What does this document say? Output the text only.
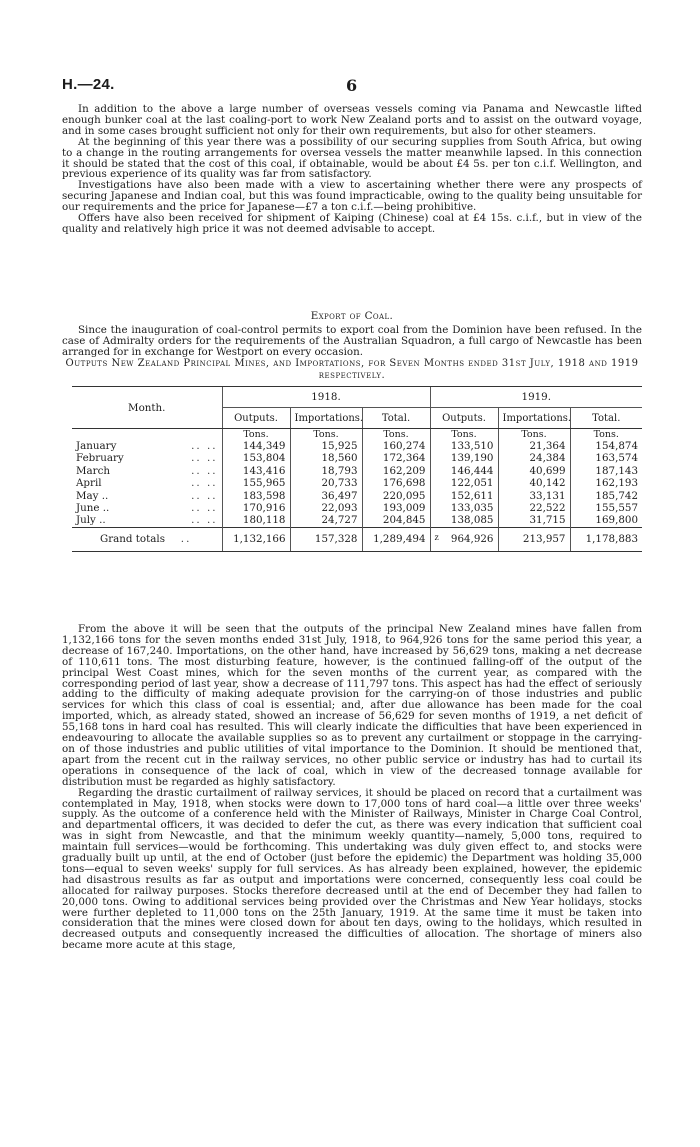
H.—24.	6

In addition to the above a large number of overseas vessels coming via Panama and Newcastle lifted enough bunker coal at the last coaling-port to work New Zealand ports and to assist on the outward voyage, and in some cases brought sufficient not only for their own requirements, but also for other steamers.

At the beginning of this year there was a possibility of our securing supplies from South Africa, but owing to a change in the routing arrangements for oversea vessels the matter meanwhile lapsed. In this connection it should be stated that the cost of this coal, if obtainable, would be about £4 5s. per ton c.i.f. Wellington, and previous experience of its quality was far from satisfactory.

Investigations have also been made with a view to ascertaining whether there were any prospects of securing Japanese and Indian coal, but this was found impracticable, owing to the quality being unsuitable for our requirements and the price for Japanese—£7 a ton c.i.f.—being prohibitive.

Offers have also been received for shipment of Kaiping (Chinese) coal at £4 15s. c.i.f., but in view of the quality and relatively high price it was not deemed advisable to accept.

Export of Coal.

Since the inauguration of coal-control permits to export coal from the Dominion have been refused. In the case of Admiralty orders for the requirements of the Australian Squadron, a full cargo of Newcastle has been arranged for in exchange for Westport on every occasion.

Outputs New Zealand Principal Mines, and Importations, for Seven Months ended 31st July, 1918 and 1919 respectively.
Month.	1918.			1919.		
	Outputs.	Importations.	Total.	Outputs.	Importations.	Total.
	Tons.	Tons.	Tons.	Tons.	Tons.	Tons.
January .. ..	144,349	15,925	160,274	133,510	21,364	154,874
February .. ..	153,804	18,560	172,364	139,190	24,384	163,574
March .. ..	143,416	18,793	162,209	146,444	40,699	187,143
April .. ..	155,965	20,733	176,698	122,051	40,142	162,193
May .. .. ..	183,598	36,497	220,095	152,611	33,131	185,742
June .. .. ..	170,916	22,093	193,009	133,035	22,522	155,557
July .. .. ..	180,118	24,727	204,845	138,085	31,715	169,800
Grand totals   ..	1,132,166	157,328	1,289,494	z 964,926	213,957	1,178,883

From the above it will be seen that the outputs of the principal New Zealand mines have fallen from 1,132,166 tons for the seven months ended 31st July, 1918, to 964,926 tons for the same period this year, a decrease of 167,240. Importations, on the other hand, have increased by 56,629 tons, making a net decrease of 110,611 tons. The most disturbing feature, however, is the continued falling-off of the output of the principal West Coast mines, which for the seven months of the current year, as compared with the corresponding period of last year, show a decrease of 111,797 tons. This aspect has had the effect of seriously adding to the difficulty of making adequate provision for the carrying-on of those industries and public services for which this class of coal is essential; and, after due allowance has been made for the coal imported, which, as already stated, showed an increase of 56,629 for seven months of 1919, a net deficit of 55,168 tons in hard coal has resulted. This will clearly indicate the difficulties that have been experienced in endeavouring to allocate the available supplies so as to prevent any curtailment or stoppage in the carrying-on of those industries and public utilities of vital importance to the Dominion. It should be mentioned that, apart from the recent cut in the railway services, no other public service or industry has had to curtail its operations in consequence of the lack of coal, which in view of the decreased tonnage available for distribution must be regarded as highly satisfactory.

Regarding the drastic curtailment of railway services, it should be placed on record that a curtailment was contemplated in May, 1918, when stocks were down to 17,000 tons of hard coal—a little over three weeks' supply. As the outcome of a conference held with the Minister of Railways, Minister in Charge Coal Control, and departmental officers, it was decided to defer the cut, as there was every indication that sufficient coal was in sight from Newcastle, and that the minimum weekly quantity—namely, 5,000 tons, required to maintain full services—would be forthcoming. This undertaking was duly given effect to, and stocks were gradually built up until, at the end of October (just before the epidemic) the Department was holding 35,000 tons—equal to seven weeks' supply for full services. As has already been explained, however, the epidemic had disastrous results as far as output and importations were concerned, consequently less coal could be allocated for railway purposes. Stocks therefore decreased until at the end of December they had fallen to 20,000 tons. Owing to additional services being provided over the Christmas and New Year holidays, stocks were further depleted to 11,000 tons on the 25th January, 1919. At the same time it must be taken into consideration that the mines were closed down for about ten days, owing to the holidays, which resulted in decreased outputs and consequently increased the difficulties of allocation. The shortage of miners also became more acute at this stage,
